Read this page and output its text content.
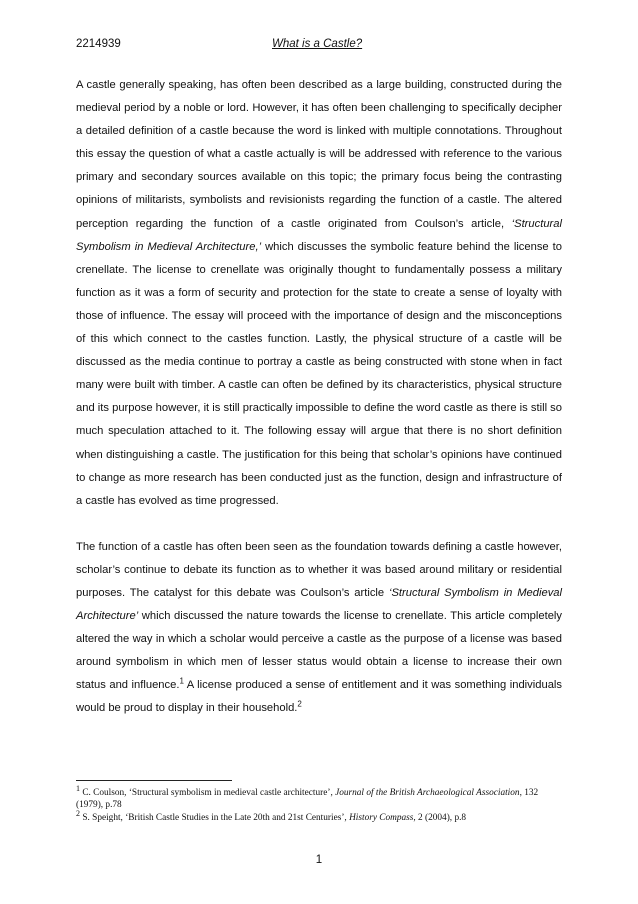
2214939	What is a Castle?

A castle generally speaking, has often been described as a large building, constructed during the medieval period by a noble or lord. However, it has often been challenging to specifically decipher a detailed definition of a castle because the word is linked with multiple connotations. Throughout this essay the question of what a castle actually is will be addressed with reference to the various primary and secondary sources available on this topic; the primary focus being the contrasting opinions of militarists, symbolists and revisionists regarding the function of a castle. The altered perception regarding the function of a castle originated from Coulson’s article, ‘Structural Symbolism in Medieval Architecture,’ which discusses the symbolic feature behind the license to crenellate. The license to crenellate was originally thought to fundamentally possess a military function as it was a form of security and protection for the state to create a sense of loyalty with those of influence. The essay will proceed with the importance of design and the misconceptions of this which connect to the castles function. Lastly, the physical structure of a castle will be discussed as the media continue to portray a castle as being constructed with stone when in fact many were built with timber. A castle can often be defined by its characteristics, physical structure and its purpose however, it is still practically impossible to define the word castle as there is still so much speculation attached to it. The following essay will argue that there is no short definition when distinguishing a castle. The justification for this being that scholar’s opinions have continued to change as more research has been conducted just as the function, design and infrastructure of a castle has evolved as time progressed.

The function of a castle has often been seen as the foundation towards defining a castle however, scholar’s continue to debate its function as to whether it was based around military or residential purposes. The catalyst for this debate was Coulson’s article ‘Structural Symbolism in Medieval Architecture’ which discussed the nature towards the license to crenellate. This article completely altered the way in which a scholar would perceive a castle as the purpose of a license was based around symbolism in which men of lesser status would obtain a license to increase their own status and influence.$^1$ A license produced a sense of entitlement and it was something individuals would be proud to display in their household.$^2$

$^1$ C. Coulson, ‘Structural symbolism in medieval castle architecture’, Journal of the British Archaeological Association, 132 (1979), p.78

$^2$ S. Speight, ‘British Castle Studies in the Late 20th and 21st Centuries’, History Compass, 2 (2004), p.8

1
